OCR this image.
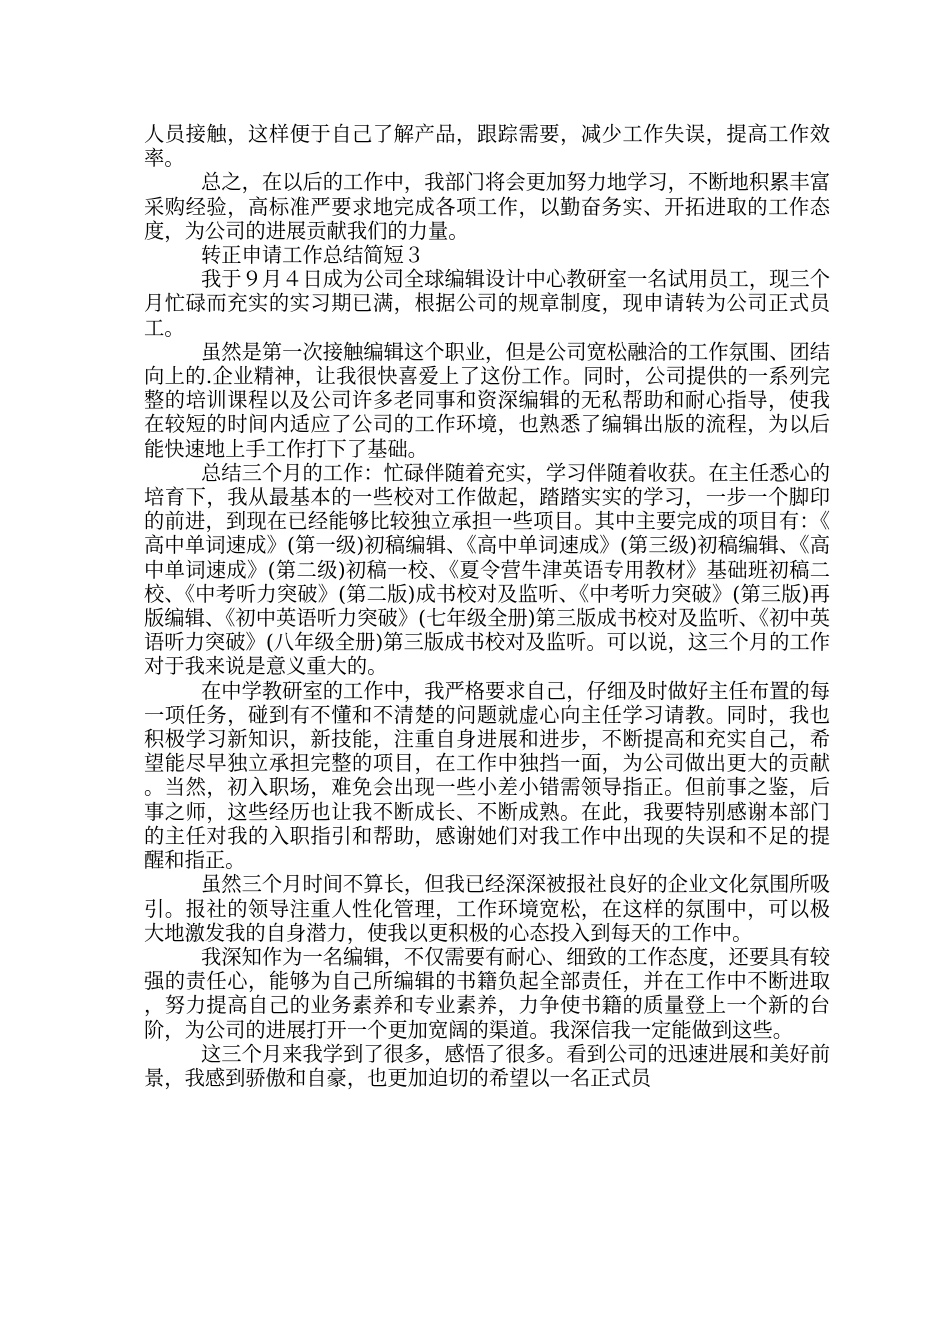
人员接触，这样便于自己了解产品，跟踪需要，减少工作失误，提高工作效率。

总之，在以后的工作中，我部门将会更加努力地学习，不断地积累丰富采购经验，高标准严要求地完成各项工作，以勤奋务实、开拓进取的工作态度，为公司的进展贡献我们的力量。

转正申请工作总结简短３

我于９月４日成为公司全球编辑设计中心教研室一名试用员工，现三个月忙碌而充实的实习期已满，根据公司的规章制度，现申请转为公司正式员工。

虽然是第一次接触编辑这个职业，但是公司宽松融洽的工作氛围、团结向上的.企业精神，让我很快喜爱上了这份工作。同时，公司提供的一系列完整的培训课程以及公司许多老同事和资深编辑的无私帮助和耐心指导，使我在较短的时间内适应了公司的工作环境，也熟悉了编辑出版的流程，为以后能快速地上手工作打下了基础。

总结三个月的工作：忙碌伴随着充实，学习伴随着收获。在主任悉心的培育下，我从最基本的一些校对工作做起，踏踏实实的学习，一步一个脚印的前进，到现在已经能够比较独立承担一些项目。其中主要完成的项目有：《高中单词速成》(第一级)初稿编辑、《高中单词速成》(第三级)初稿编辑、《高中单词速成》(第二级)初稿一校、《夏令营牛津英语专用教材》基础班初稿二校、《中考听力突破》(第二版)成书校对及监听、《中考听力突破》(第三版)再版编辑、《初中英语听力突破》(七年级全册)第三版成书校对及监听、《初中英语听力突破》(八年级全册)第三版成书校对及监听。可以说，这三个月的工作对于我来说是意义重大的。

在中学教研室的工作中，我严格要求自己，仔细及时做好主任布置的每一项任务，碰到有不懂和不清楚的问题就虚心向主任学习请教。同时，我也积极学习新知识，新技能，注重自身进展和进步，不断提高和充实自己，希望能尽早独立承担完整的项目，在工作中独挡一面，为公司做出更大的贡献。当然，初入职场，难免会出现一些小差小错需领导指正。但前事之鉴，后事之师，这些经历也让我不断成长、不断成熟。在此，我要特别感谢本部门的主任对我的入职指引和帮助，感谢她们对我工作中出现的失误和不足的提醒和指正。

虽然三个月时间不算长，但我已经深深被报社良好的企业文化氛围所吸引。报社的领导注重人性化管理，工作环境宽松，在这样的氛围中，可以极大地激发我的自身潜力，使我以更积极的心态投入到每天的工作中。

我深知作为一名编辑，不仅需要有耐心、细致的工作态度，还要具有较强的责任心，能够为自己所编辑的书籍负起全部责任，并在工作中不断进取，努力提高自己的业务素养和专业素养，力争使书籍的质量登上一个新的台阶，为公司的进展打开一个更加宽阔的渠道。我深信我一定能做到这些。

这三个月来我学到了很多，感悟了很多。看到公司的迅速进展和美好前景，我感到骄傲和自豪，也更加迫切的希望以一名正式员
